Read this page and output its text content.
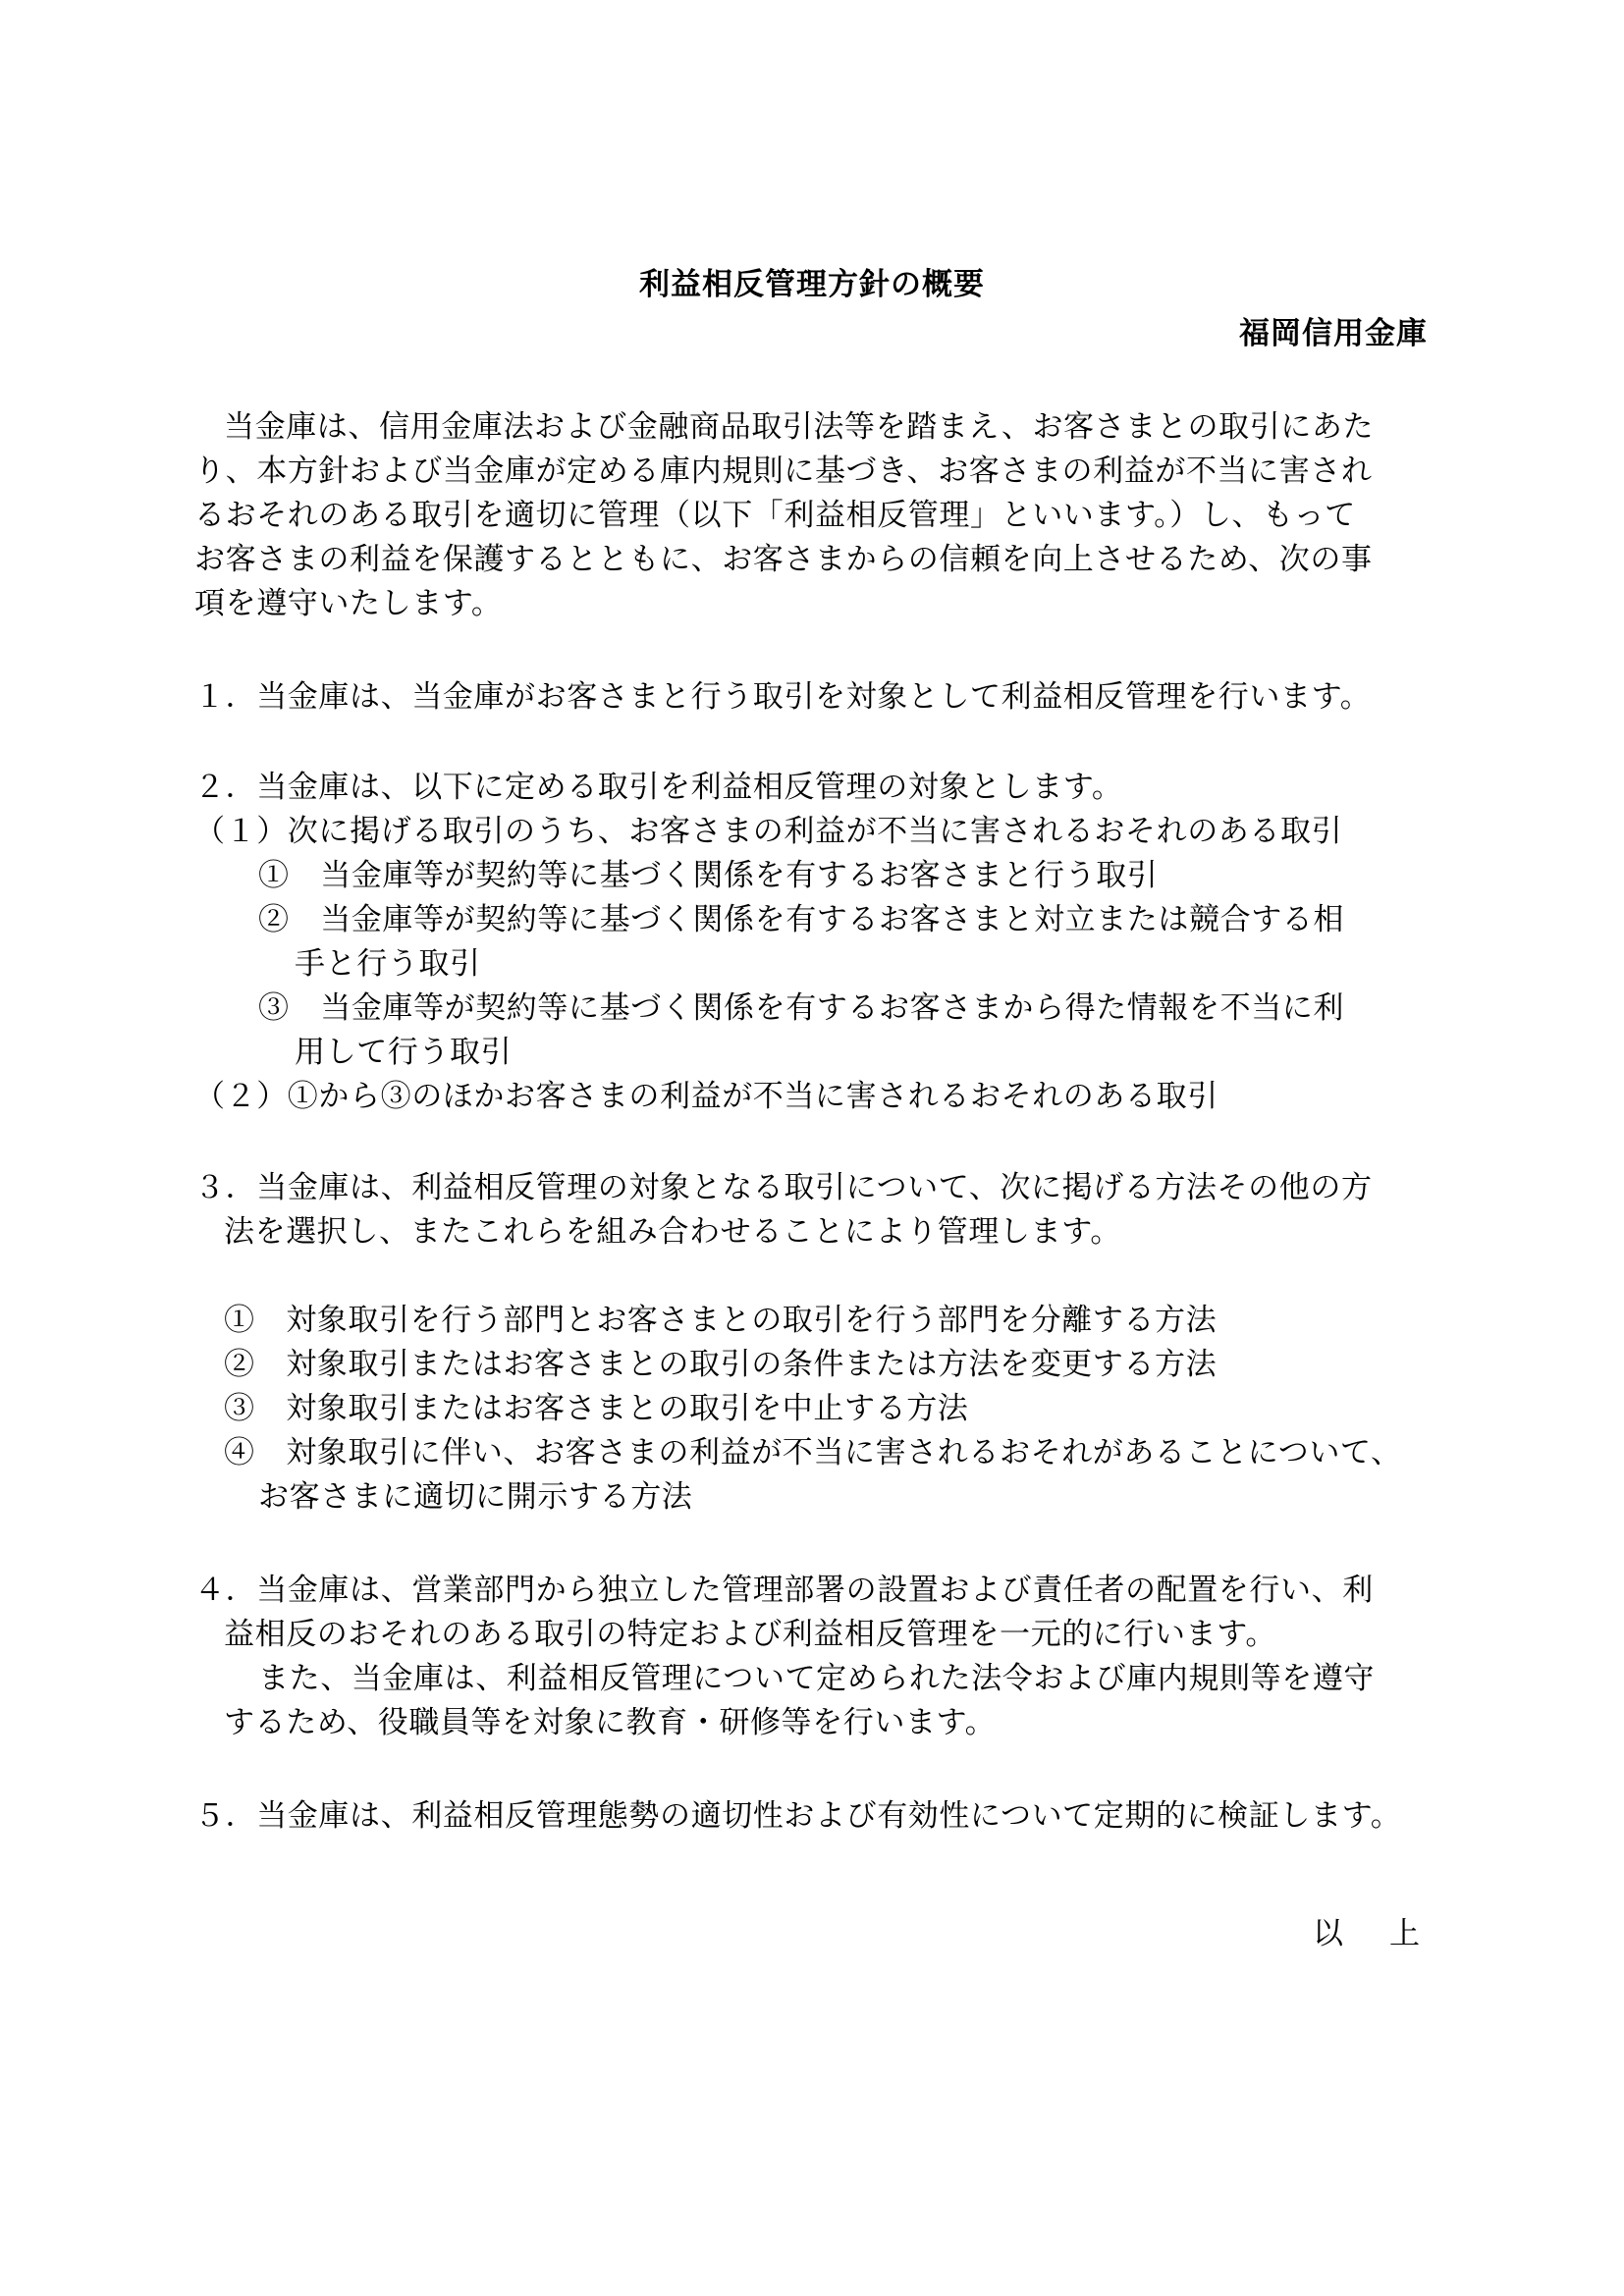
利益相反管理方針の概要
福岡信用金庫
当金庫は、信用金庫法および金融商品取引法等を踏まえ、お客さまとの取引にあた
り、本方針および当金庫が定める庫内規則に基づき、お客さまの利益が不当に害され
るおそれのある取引を適切に管理（以下「利益相反管理」といいます。）し、もって
お客さまの利益を保護するとともに、お客さまからの信頼を向上させるため、次の事
項を遵守いたします。
１．当金庫は、当金庫がお客さまと行う取引を対象として利益相反管理を行います。
２．当金庫は、以下に定める取引を利益相反管理の対象とします。
（１）次に掲げる取引のうち、お客さまの利益が不当に害されるおそれのある取引
①　当金庫等が契約等に基づく関係を有するお客さまと行う取引
②　当金庫等が契約等に基づく関係を有するお客さまと対立または競合する相
手と行う取引
③　当金庫等が契約等に基づく関係を有するお客さまから得た情報を不当に利
用して行う取引
（２）①から③のほかお客さまの利益が不当に害されるおそれのある取引
３．当金庫は、利益相反管理の対象となる取引について、次に掲げる方法その他の方
法を選択し、またこれらを組み合わせることにより管理します。
①　対象取引を行う部門とお客さまとの取引を行う部門を分離する方法
②　対象取引またはお客さまとの取引の条件または方法を変更する方法
③　対象取引またはお客さまとの取引を中止する方法
④　対象取引に伴い、お客さまの利益が不当に害されるおそれがあることについて、
お客さまに適切に開示する方法
４．当金庫は、営業部門から独立した管理部署の設置および責任者の配置を行い、利
益相反のおそれのある取引の特定および利益相反管理を一元的に行います。
また、当金庫は、利益相反管理について定められた法令および庫内規則等を遵守
するため、役職員等を対象に教育・研修等を行います。
５．当金庫は、利益相反管理態勢の適切性および有効性について定期的に検証します。
以　上
